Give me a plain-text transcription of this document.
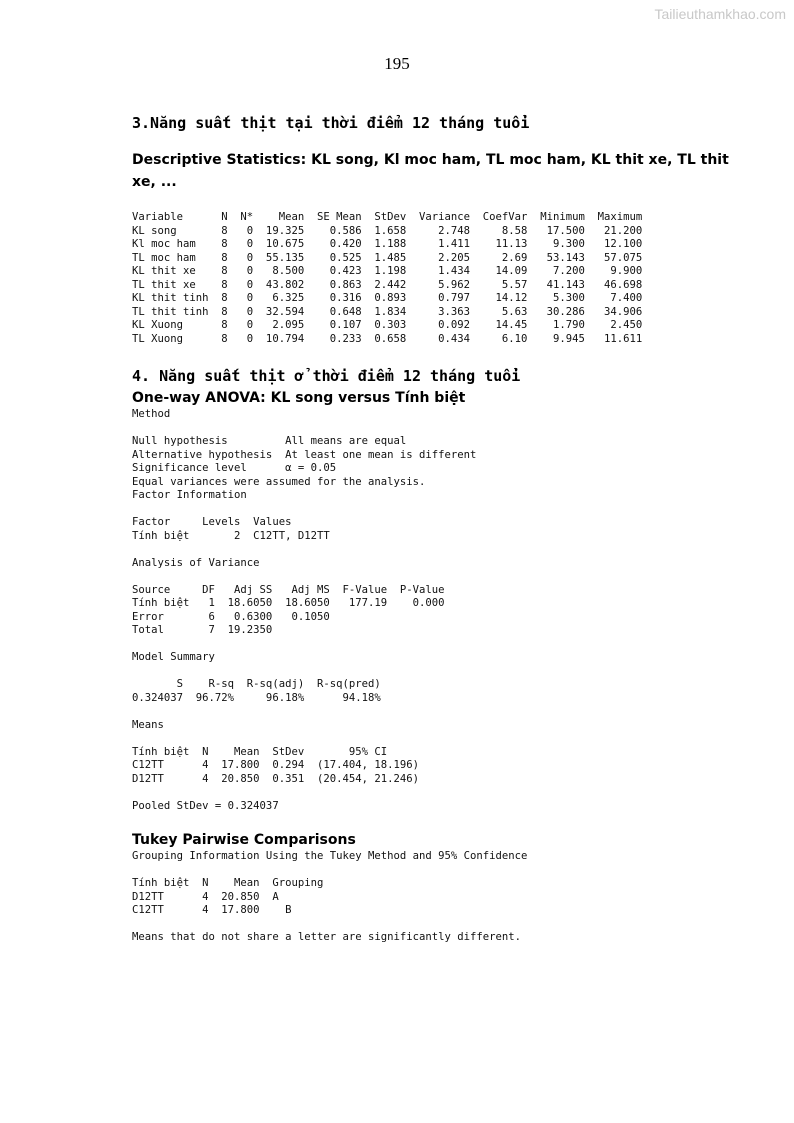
Tailieuthamkhao.com
195
3.Năng suất thịt tại thời điểm 12 tháng tuổi
Descriptive Statistics: KL song, Kl moc ham, TL moc ham, KL thit xe, TL thit xe, ...
Variable      N  N*    Mean  SE Mean  StDev  Variance  CoefVar  Minimum  Maximum
KL song       8   0  19.325    0.586  1.658     2.748     8.58   17.500   21.200
Kl moc ham    8   0  10.675    0.420  1.188     1.411    11.13    9.300   12.100
TL moc ham    8   0  55.135    0.525  1.485     2.205     2.69   53.143   57.075
KL thit xe    8   0   8.500    0.423  1.198     1.434    14.09    7.200    9.900
TL thit xe    8   0  43.802    0.863  2.442     5.962     5.57   41.143   46.698
KL thit tinh  8   0   6.325    0.316  0.893     0.797    14.12    5.300    7.400
TL thit tinh  8   0  32.594    0.648  1.834     3.363     5.63   30.286   34.906
KL Xuong      8   0   2.095    0.107  0.303     0.092    14.45    1.790    2.450
TL Xuong      8   0  10.794    0.233  0.658     0.434     6.10    9.945   11.611
4. Năng suất thịt ở thời điểm 12 tháng tuổi
One-way ANOVA: KL song versus Tính biệt
Method
Null hypothesis         All means are equal
Alternative hypothesis  At least one mean is different
Significance level      α = 0.05
Equal variances were assumed for the analysis.
Factor Information
Factor     Levels  Values
Tính biệt       2  C12TT, D12TT
Analysis of Variance
Source     DF   Adj SS   Adj MS  F-Value  P-Value
Tính biệt   1  18.6050  18.6050   177.19    0.000
Error       6   0.6300   0.1050
Total       7  19.2350
Model Summary
S    R-sq  R-sq(adj)  R-sq(pred)
0.324037  96.72%     96.18%      94.18%
Means
Tính biệt  N    Mean  StDev       95% CI
C12TT      4  17.800  0.294  (17.404, 18.196)
D12TT      4  20.850  0.351  (20.454, 21.246)
Pooled StDev = 0.324037
Tukey Pairwise Comparisons
Grouping Information Using the Tukey Method and 95% Confidence
Tính biệt  N    Mean  Grouping
D12TT      4  20.850  A
C12TT      4  17.800    B
Means that do not share a letter are significantly different.
